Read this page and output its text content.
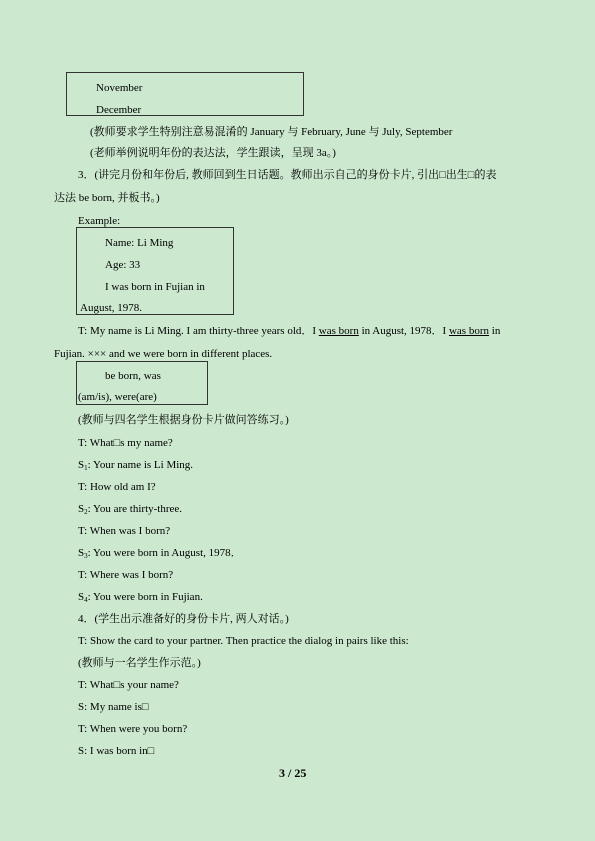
November
December
(教师要求学生特别注意易混淆的 January 与 February, June 与 July, September
(老师举例说明年份的表达法，学生跟读，呈现 3a。)
3．(讲完月份和年份后, 教师回到生日话题。教师出示自己的身份卡片, 引出□出生□的表
达法 be born, 并板书。)
Example:
Name: Li Ming
Age: 33
I was born in Fujian in
August, 1978.
T: My name is Li Ming. I am thirty-three years old．I was born in August, 1978．I was born in
Fujian. ××× and we were born in different places.
be born, was
(am/is), were(are)
(教师与四名学生根据身份卡片做问答练习。)
T: What□s my name?
$S_1$: Your name is Li Ming.
T: How old am I?
$S_2$: You are thirty-three.
T: When was I born?
$S_3$: You were born in August, 1978．
T: Where was I born?
$S_4$: You were born in Fujian.
4．(学生出示准备好的身份卡片, 两人对话。)
T: Show the card to your partner. Then practice the dialog in pairs like this:
(教师与一名学生作示范。)
T: What□s your name?
S: My name is□
T: When were you born?
S: I was born in□
3 / 25
